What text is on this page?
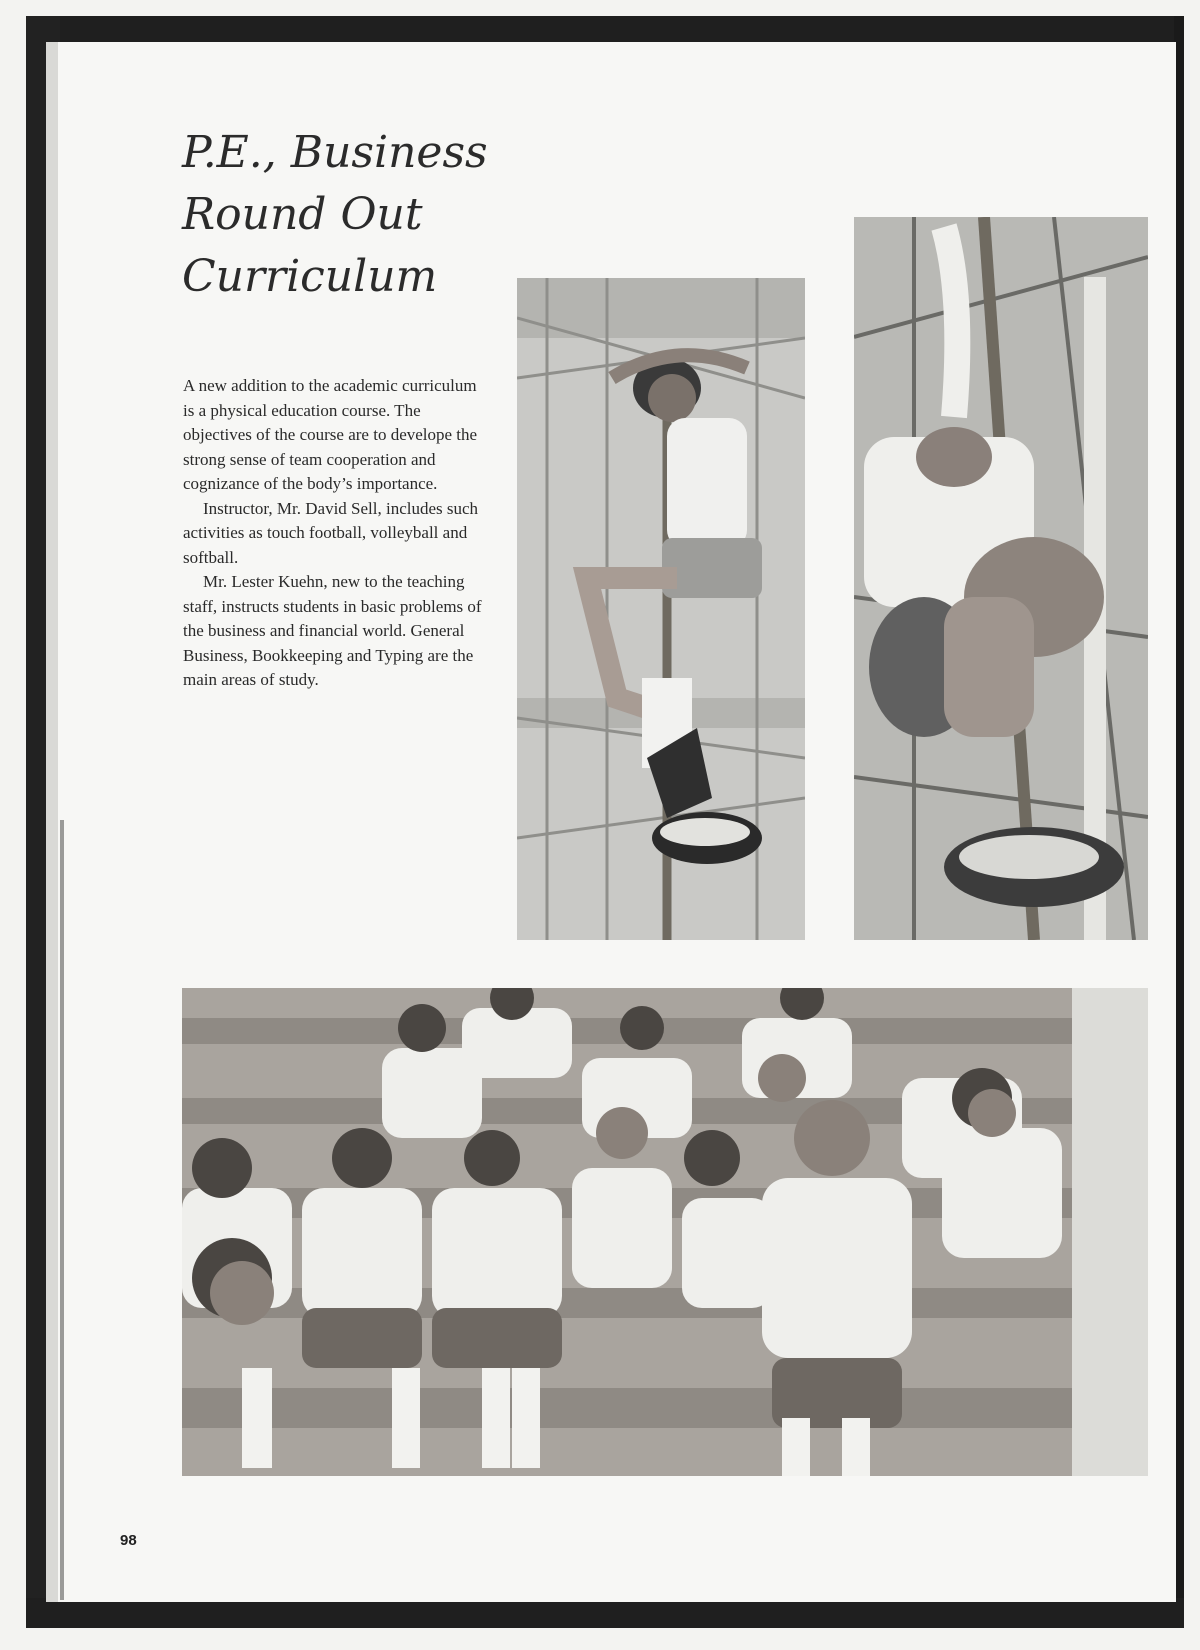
P.E., Business
Round Out
Curriculum

A new addition to the academic curriculum is a physical education course. The objectives of the course are to develope the strong sense of team cooperation and cognizance of the body’s importance.

Instructor, Mr. David Sell, includes such activities as touch football, volleyball and softball.

Mr. Lester Kuehn, new to the teaching staff, instructs students in basic problems of the business and financial world. General Business, Bookkeeping and Typing are the main areas of study.

98
